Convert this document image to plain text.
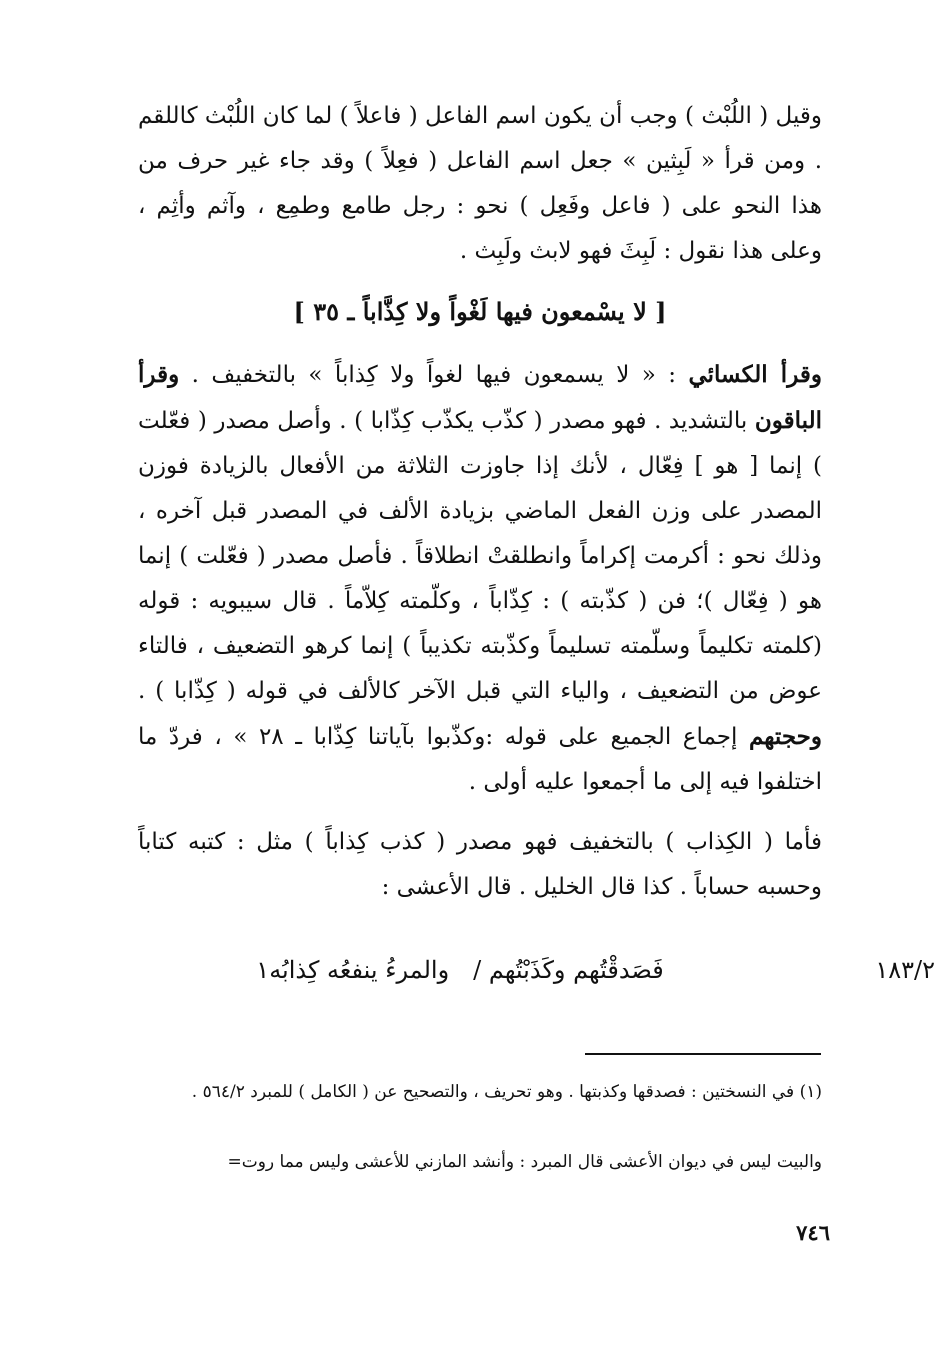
وقيل ( اللُبْث ) وجب أن يكون اسم الفاعل ( فاعلاً ) لما كان اللُبْث كاللقم . ومن قرأ « لَبِثين » جعل اسم الفاعل ( فعِلاً ) وقد جاء غير حرف من هذا النحو على ( فاعل وفَعِل ) نحو : رجل طامع وطمِع ، وآثم وأثِم ، وعلى هذا نقول : لَبِثَ فهو لابث ولَبِث .

[ لا يسْمعون فيها لَغْواً ولا كِذَّاباً ـ ٣٥ ]

وقرأ الكسائي : « لا يسمعون فيها لغواً ولا كِذاباً » بالتخفيف . وقرأ الباقون بالتشديد . فهو مصدر ( كذّب يكذّب كِذّابا ) . وأصل مصدر ( فعّلت ) إنما [ هو ] فِعّال ، لأنك إذا جاوزت الثلاثة من الأفعال بالزيادة فوزن المصدر على وزن الفعل الماضي بزيادة الألف في المصدر قبل آخره ، وذلك نحو : أكرمت إكراماً وانطلقتْ انطلاقاً . فأصل مصدر ( فعّلت ) إنما هو ( فِعّال )؛ فن ( كذّبته ) : كِذّاباً ، وكلّمته كِلاّماً . قال سيبويه : قوله (كلمته تكليماً وسلّمته تسليماً وكذّبته تكذيباً ) إنما كرهو التضعيف ، فالتاء عوض من التضعيف ، والياء التي قبل الآخر كالألف في قوله ( كِذّابا ) . وحجتهم إجماع الجميع على قوله :وكذّبوا بآياتنا كِذّابا ـ ٢٨ » ، فردّ ما اختلفوا فيه إلى ما أجمعوا عليه أولى .

فأما ( الكِذاب ) بالتخفيف فهو مصدر ( كذب كِذاباً ) مثل : كتبه كتاباً وحسبه حساباً . كذا قال الخليل . قال الأعشى :

١٨٣/٢
فَصَدقْتُهم وكَذَبْتُهم /
والمرءُ ينفعُه كِذابُه١
(١) في النسختين : فصدقها وكذبتها . وهو تحريف ، والتصحيح عن ( الكامل ) للمبرد ٥٦٤/٢ .
والبيت ليس في ديوان الأعشى قال المبرد : وأنشد المازني للأعشى وليس مما روت=
٧٤٦
